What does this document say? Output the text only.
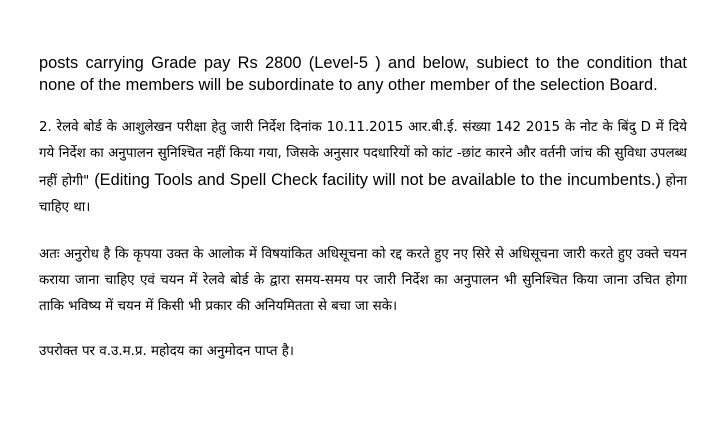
posts carrying Grade pay Rs 2800 (Level-5 ) and below, subiect to the condition that none of the members will be subordinate to any other member of the selection Board.

2. रेलवे बोर्ड के आशुलेखन परीक्षा हेतु जारी निर्देश दिनांक 10.11.2015 आर.बी.ई. संख्या 142 2015 के नोट के बिंदु D में दिये गये निर्देश का अनुपालन सुनिश्चित नहीं किया गया, जिसके अनुसार पदधारियों को कांट -छांट कारने और वर्तनी जांच की सुविधा उपलब्ध नहीं होगी" (Editing Tools and Spell Check facility will not be available to the incumbents.) होना चाहिए था।

अतः अनुरोध है कि कृपया उक्त के आलोक में विषयांकित अधिसूचना को रद्द करते हुए नए सिरे से अधिसूचना जारी करते हुए उक्ते चयन कराया जाना चाहिए एवं चयन में रेलवे बोर्ड के द्वारा समय-समय पर जारी निर्देश का अनुपालन भी सुनिश्चित किया जाना उचित होगा ताकि भविष्य में चयन में किसी भी प्रकार की अनियमितता से बचा जा सके।

उपरोक्त पर व.उ.म.प्र. महोदय का अनुमोदन पाप्त है।
